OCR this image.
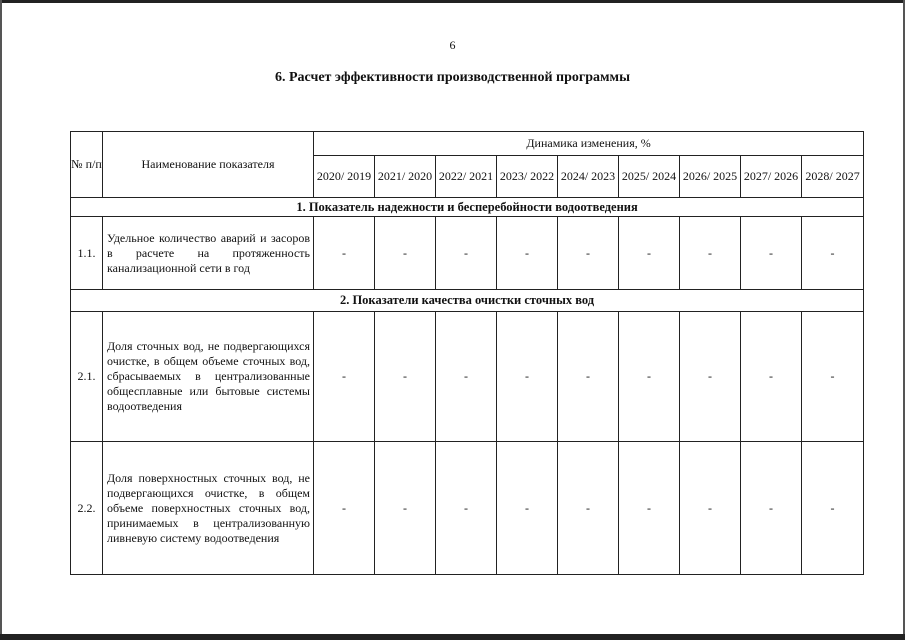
6
6. Расчет эффективности производственной программы
№ п/п	Наименование показателя	Динамика изменения, %								
		2020/ 2019	2021/ 2020	2022/ 2021	2023/ 2022	2024/ 2023	2025/ 2024	2026/ 2025	2027/ 2026	2028/ 2027
1. Показатель надежности и бесперебойности водоотведения										
1.1.	Удельное количество аварий и засоров в расчете на протяженность канализационной сети в год	-	-	-	-	-	-	-	-	-
2. Показатели качества очистки сточных вод										
2.1.	Доля сточных вод, не подвергающихся очистке, в общем объеме сточных вод, сбрасываемых в централизованные общесплавные или бытовые системы водоотведения	-	-	-	-	-	-	-	-	-
2.2.	Доля поверхностных сточных вод, не подвергающихся очистке, в общем объеме поверхностных сточных вод, принимаемых в централизованную ливневую систему водоотведения	-	-	-	-	-	-	-	-	-
